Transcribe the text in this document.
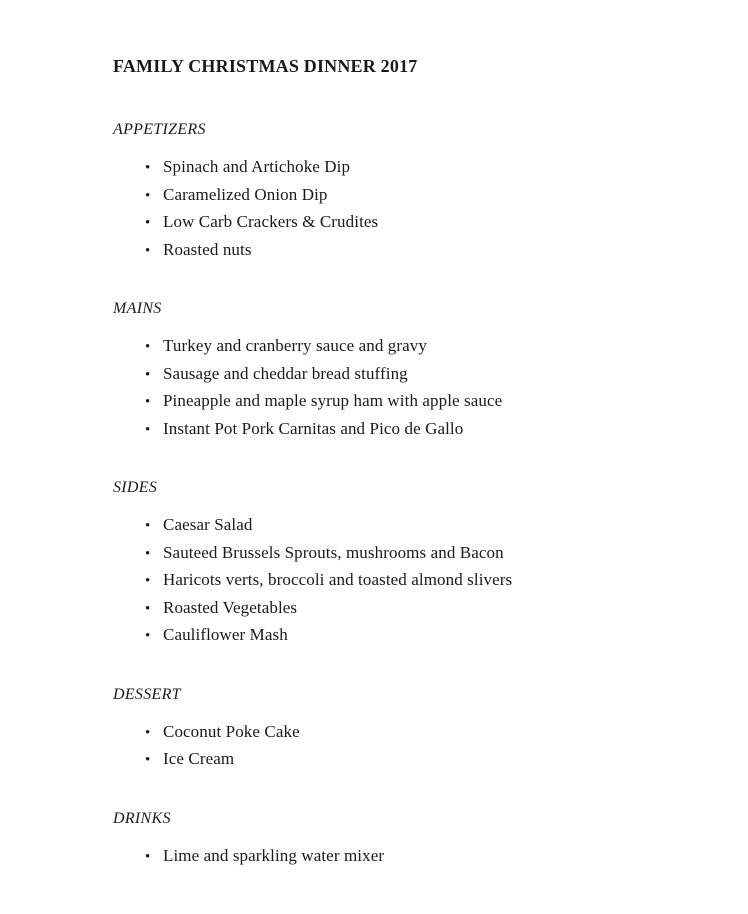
FAMILY CHRISTMAS DINNER 2017
APPETIZERS
• Spinach and Artichoke Dip
• Caramelized Onion Dip
• Low Carb Crackers & Crudites
• Roasted nuts
MAINS
• Turkey and cranberry sauce and gravy
• Sausage and cheddar bread stuffing
• Pineapple and maple syrup ham with apple sauce
• Instant Pot Pork Carnitas and Pico de Gallo
SIDES
• Caesar Salad
• Sauteed Brussels Sprouts, mushrooms and Bacon
• Haricots verts, broccoli and toasted almond slivers
• Roasted Vegetables
• Cauliflower Mash
DESSERT
• Coconut Poke Cake
• Ice Cream
DRINKS
• Lime and sparkling water mixer
